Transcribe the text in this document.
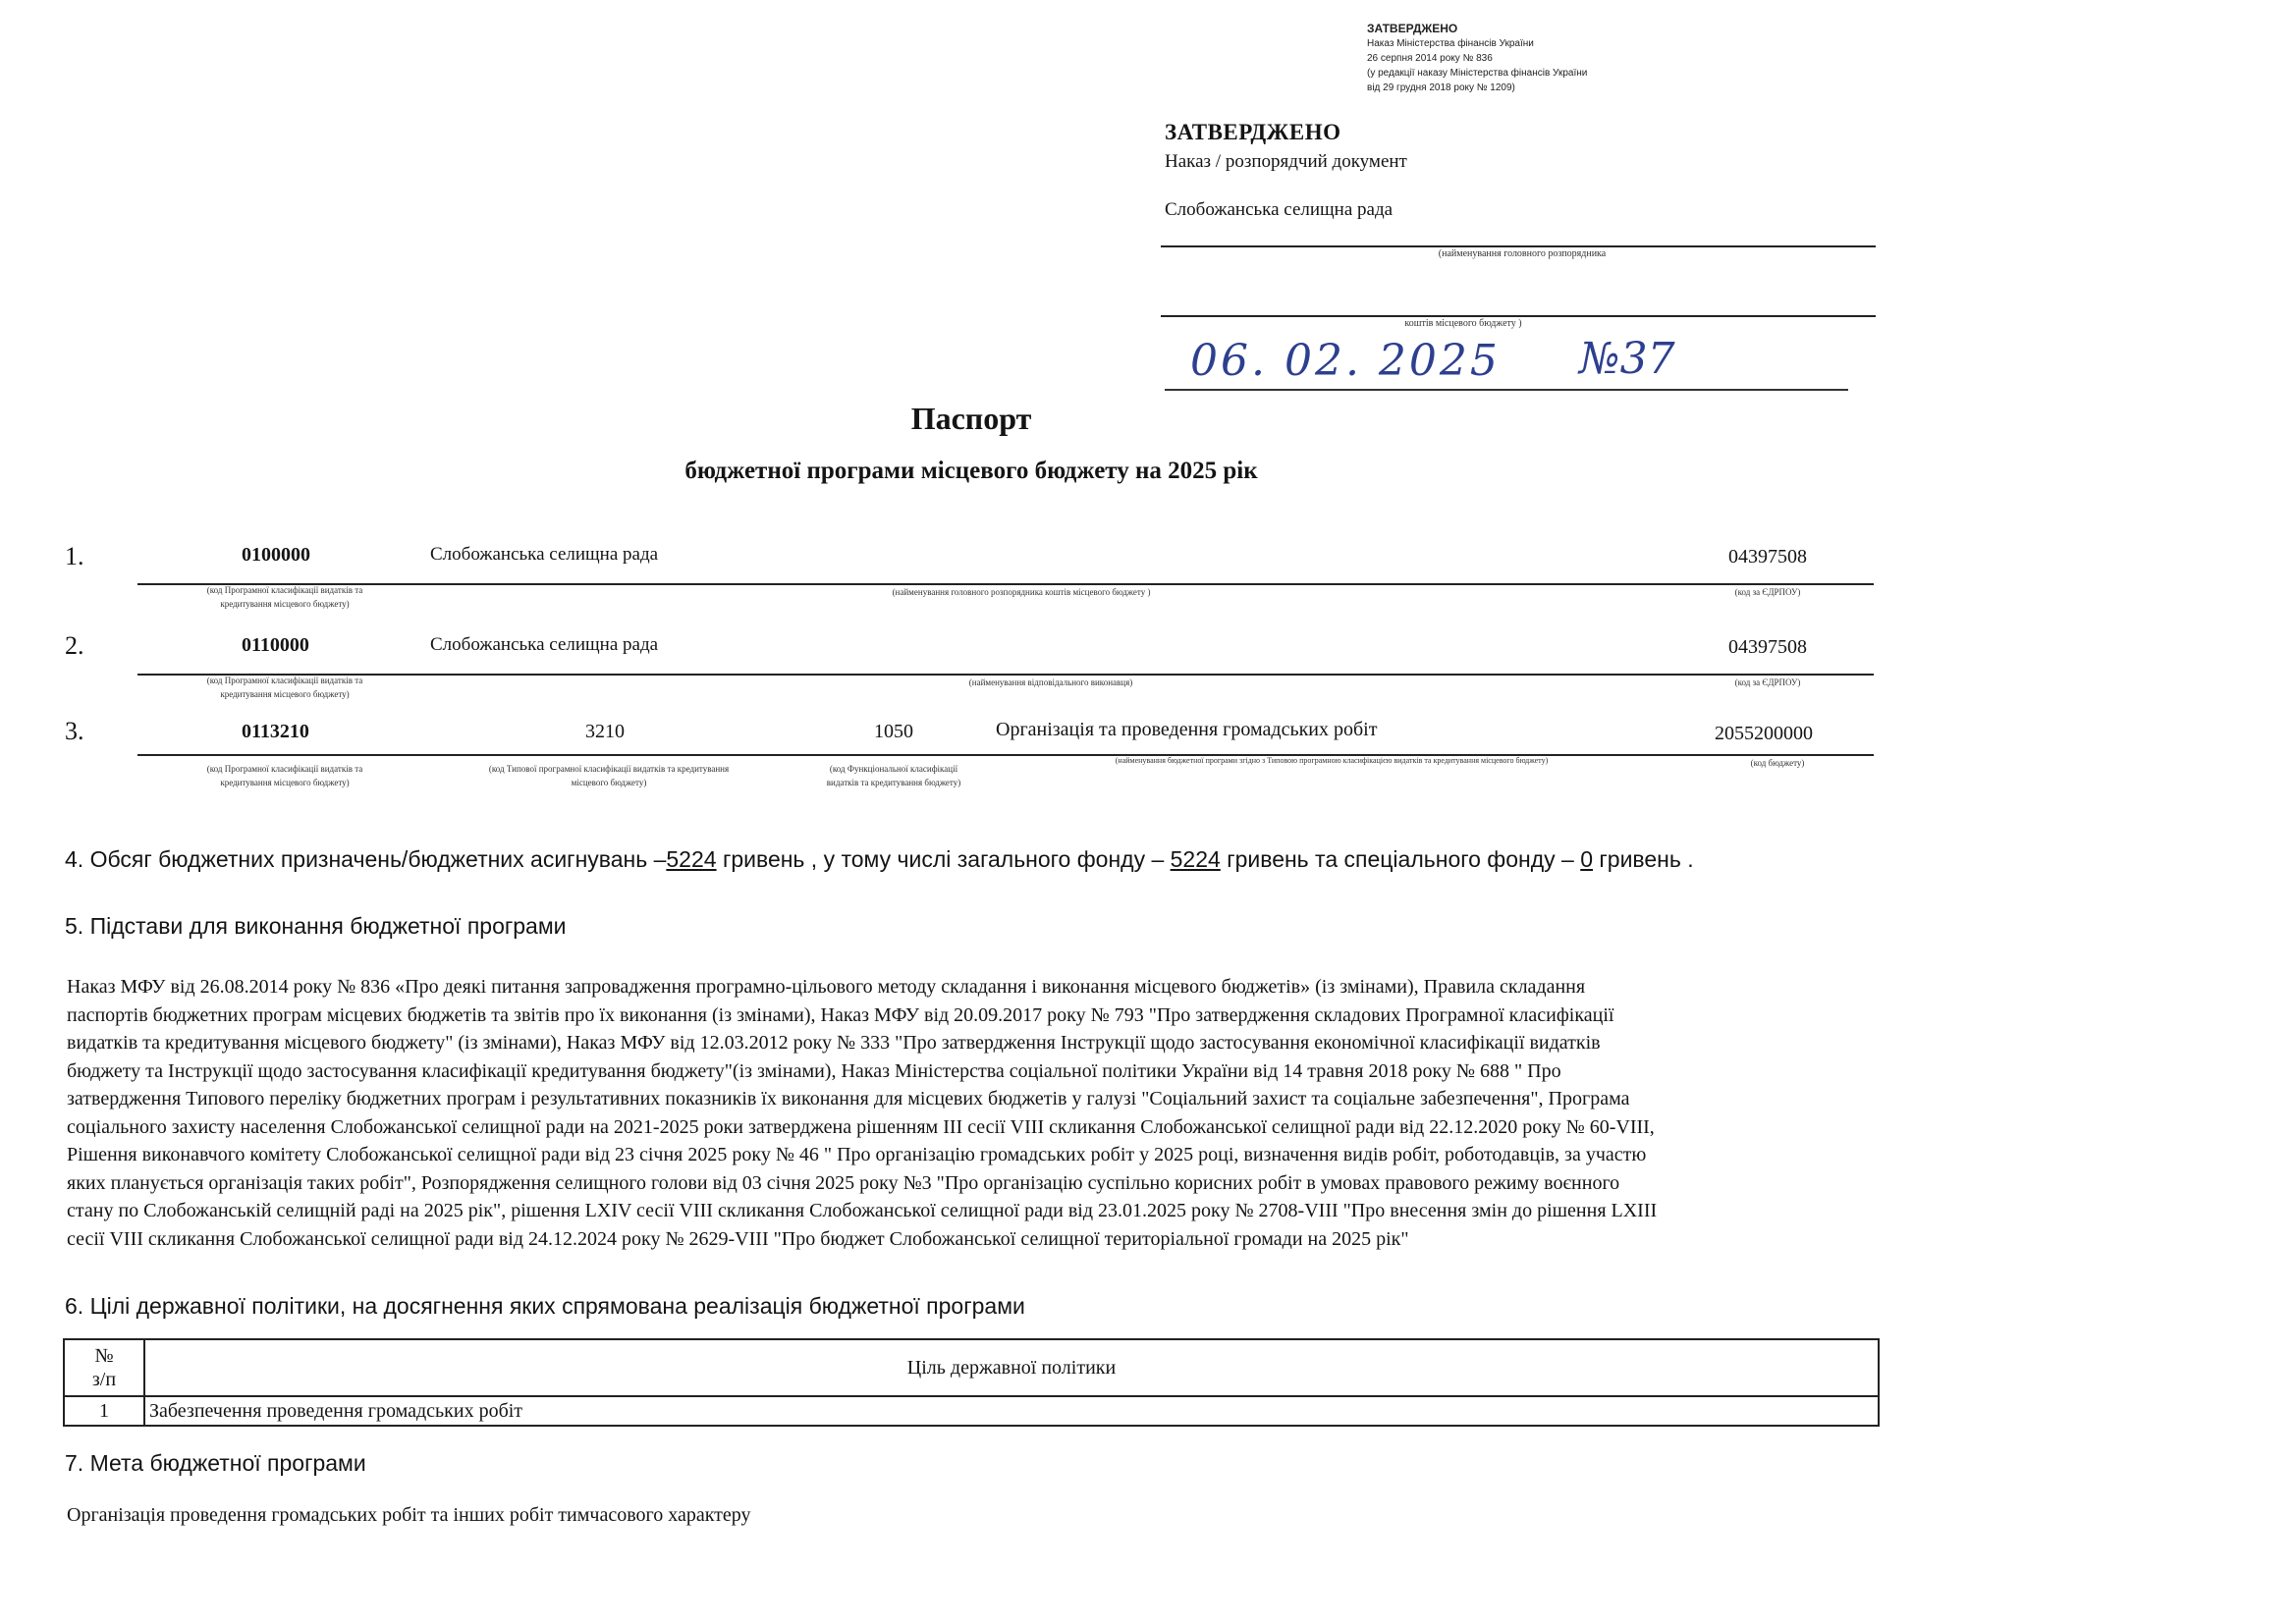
ЗАТВЕРДЖЕНО
Наказ Міністерства фінансів України
26 серпня 2014 року № 836
(у редакції наказу Міністерства фінансів України
від 29 грудня 2018 року № 1209)
ЗАТВЕРДЖЕНО
Наказ / розпорядчий документ
Слобожанська селищна рада
(найменування головного розпорядника
коштів місцевого бюджету )
06. 02. 2025 №37
Паспорт
бюджетної програми місцевого бюджету на 2025 рік
1.	0100000	Слобожанська селищна рада	04397508
(код Програмної класифікації видатків та
кредитування місцевого бюджету)
(найменування головного розпорядника коштів місцевого бюджету )	(код за ЄДРПОУ)
2.	0110000	Слобожанська селищна рада	04397508
(код Програмної класифікації видатків та
кредитування місцевого бюджету)
(найменування відповідального виконавця)	(код за ЄДРПОУ)
3.	0113210	3210	1050	Організація та проведення громадських робіт	2055200000
(код Програмної класифікації видатків та
кредитування місцевого бюджету)
(код Типової програмної класифікації видатків та кредитування
місцевого бюджету)
(код Функціональної класифікації
видатків та кредитування бюджету)
(найменування бюджетної програми згідно з Типовою програмною класифікацією видатків та кредитування місцевого бюджету)	(код бюджету)
4. Обсяг бюджетних призначень/бюджетних асигнувань –5224 гривень , у тому числі загального фонду – 5224 гривень та спеціального фонду – 0 гривень .
5. Підстави для виконання бюджетної програми
Наказ МФУ від 26.08.2014 року № 836 «Про деякі питання запровадження програмно-цільового методу складання і виконання місцевого бюджетів» (із змінами), Правила складання
паспортів бюджетних програм місцевих бюджетів та звітів про їх виконання (із змінами), Наказ МФУ від 20.09.2017 року № 793 "Про затвердження складових Програмної класифікації
видатків та кредитування місцевого бюджету" (із змінами), Наказ МФУ від 12.03.2012 року № 333 "Про затвердження Інструкції щодо застосування економічної класифікації видатків
бюджету та Інструкції щодо застосування класифікації кредитування бюджету"(із змінами), Наказ Міністерства соціальної політики України від 14 травня 2018 року № 688 " Про
затвердження Типового переліку бюджетних програм і результативних показників їх виконання для місцевих бюджетів у галузі "Соціальний захист та соціальне забезпечення", Програма
соціального захисту населення Слобожанської селищної ради на 2021-2025 роки затверджена рішенням ІІІ сесії VIII скликання Слобожанської селищної ради від 22.12.2020 року № 60-VIII,
Рішення виконавчого комітету Слобожанської селищної ради від 23 січня 2025 року № 46 " Про організацію громадських робіт у 2025 році, визначення видів робіт, роботодавців, за участю
яких планується організація таких робіт", Розпорядження селищного голови від 03 січня 2025 року №3 "Про організацію суспільно корисних робіт в умовах правового режиму воєнного
стану по Слобожанській селищній раді на 2025 рік", рішення LXIV сесії VIII скликання Слобожанської селищної ради від 23.01.2025 року № 2708-VIII "Про внесення змін до рішення LXIII
сесії VIII скликання Слобожанської селищної ради від 24.12.2024 року № 2629-VIII "Про бюджет Слобожанської селищної територіальної громади на 2025 рік"
6. Цілі державної політики, на досягнення яких спрямована реалізація бюджетної програми
№
з/п	Ціль державної політики
1	Забезпечення проведення громадських робіт
7. Мета бюджетної програми
Організація проведення громадських робіт та інших робіт тимчасового характеру
